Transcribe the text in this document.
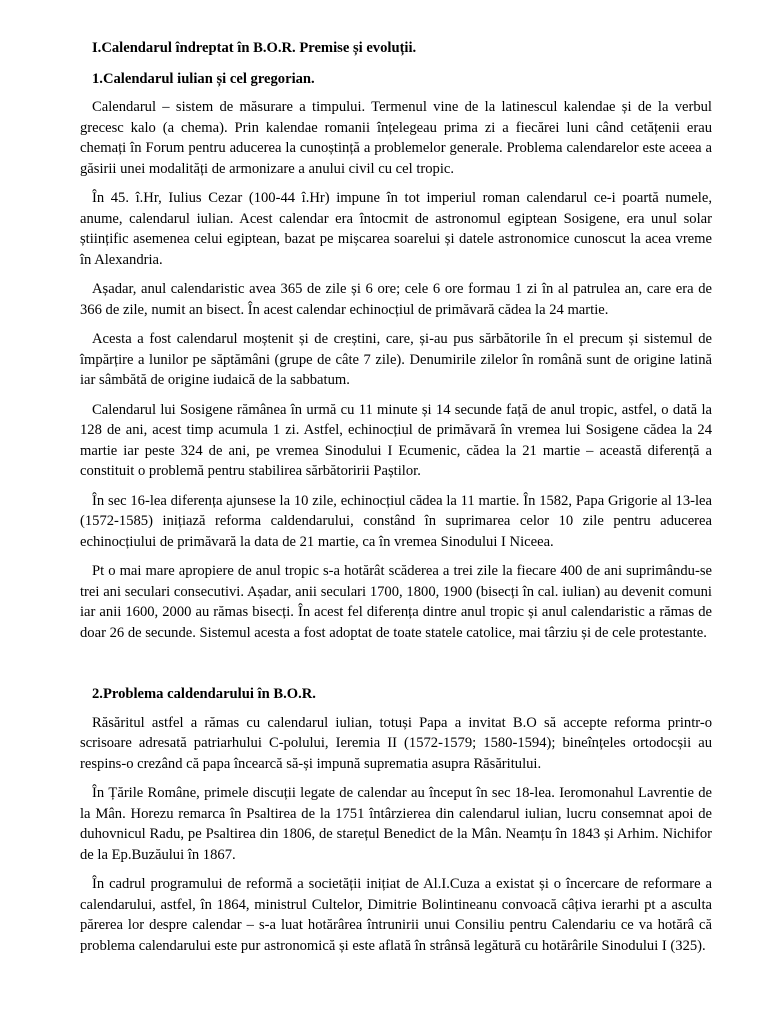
I.Calendarul îndreptat în B.O.R. Premise și evoluții.
1.Calendarul iulian și cel gregorian.

Calendarul – sistem de măsurare a timpului. Termenul vine de la latinescul kalendae și de la verbul grecesc kalo (a chema). Prin kalendae romanii înțelegeau prima zi a fiecărei luni când cetățenii erau chemați în Forum pentru aducerea la cunoștință a problemelor generale. Problema calendarelor este aceea a găsirii unei modalități de armonizare a anului civil cu cel tropic.

În 45. î.Hr, Iulius Cezar (100-44 î.Hr) impune în tot imperiul roman calendarul ce-i poartă numele, anume, calendarul iulian. Acest calendar era întocmit de astronomul egiptean Sosigene, era unul solar științific asemenea celui egiptean, bazat pe mișcarea soarelui și datele astronomice cunoscut la acea vreme în Alexandria.

Așadar, anul calendaristic avea 365 de zile și 6 ore; cele 6 ore formau 1 zi în al patrulea an, care era de 366 de zile, numit an bisect. În acest calendar echinocțiul de primăvară cădea la 24 martie.

Acesta a fost calendarul moștenit și de creștini, care, și-au pus sărbătorile în el precum și sistemul de împărțire a lunilor pe săptămâni (grupe de câte 7 zile). Denumirile zilelor în română sunt de origine latină iar sâmbătă de origine iudaică de la sabbatum.

Calendarul lui Sosigene rămânea în urmă cu 11 minute și 14 secunde față de anul tropic, astfel, o dată la 128 de ani, acest timp acumula 1 zi. Astfel, echinocțiul de primăvară în vremea lui Sosigene cădea la 24 martie iar peste 324 de ani, pe vremea Sinodului I Ecumenic, cădea la 21 martie – această diferență a constituit o problemă pentru stabilirea sărbătoririi Paștilor.

În sec 16-lea diferența ajunsese la 10 zile, echinocțiul cădea la 11 martie. În 1582, Papa Grigorie al 13-lea (1572-1585) inițiază reforma caldendarului, constând în suprimarea celor 10 zile pentru aducerea echinocțiului de primăvară la data de 21 martie, ca în vremea Sinodului I Niceea.

Pt o mai mare apropiere de anul tropic s-a hotărât scăderea a trei zile la fiecare 400 de ani suprimându-se trei ani seculari consecutivi. Așadar, anii seculari 1700, 1800, 1900 (bisecți în cal. iulian) au devenit comuni iar anii 1600, 2000 au rămas bisecți. În acest fel diferența dintre anul tropic și anul calendaristic a rămas de doar 26 de secunde. Sistemul acesta a fost adoptat de toate statele catolice, mai târziu și de cele protestante.

2.Problema caldendarului în B.O.R.

Răsăritul astfel a rămas cu calendarul iulian, totuși Papa a invitat B.O să accepte reforma printr-o scrisoare adresată patriarhului C-polului, Ieremia II (1572-1579; 1580-1594); bineînțeles ortodocșii au respins-o crezând că papa încearcă să-și impună suprematia asupra Răsăritului.

În Țările Române, primele discuții legate de calendar au început în sec 18-lea. Ieromonahul Lavrentie de la Mân. Horezu remarca în Psaltirea de la 1751 întârzierea din calendarul iulian, lucru consemnat apoi de duhovnicul Radu, pe Psaltirea din 1806, de starețul Benedict de la Mân. Neamțu în 1843 și Arhim. Nichifor de la Ep.Buzăului în 1867.

În cadrul programului de reformă a societății inițiat de Al.I.Cuza a existat și o încercare de reformare a calendarului, astfel, în 1864, ministrul Cultelor, Dimitrie Bolintineanu convoacă câțiva ierarhi pt a asculta părerea lor despre calendar – s-a luat hotărârea întrunirii unui Consiliu pentru Calendariu ce va hotărâ că problema calendarului este pur astronomică și este aflată în strânsă legătură cu hotărârile Sinodului I (325).
